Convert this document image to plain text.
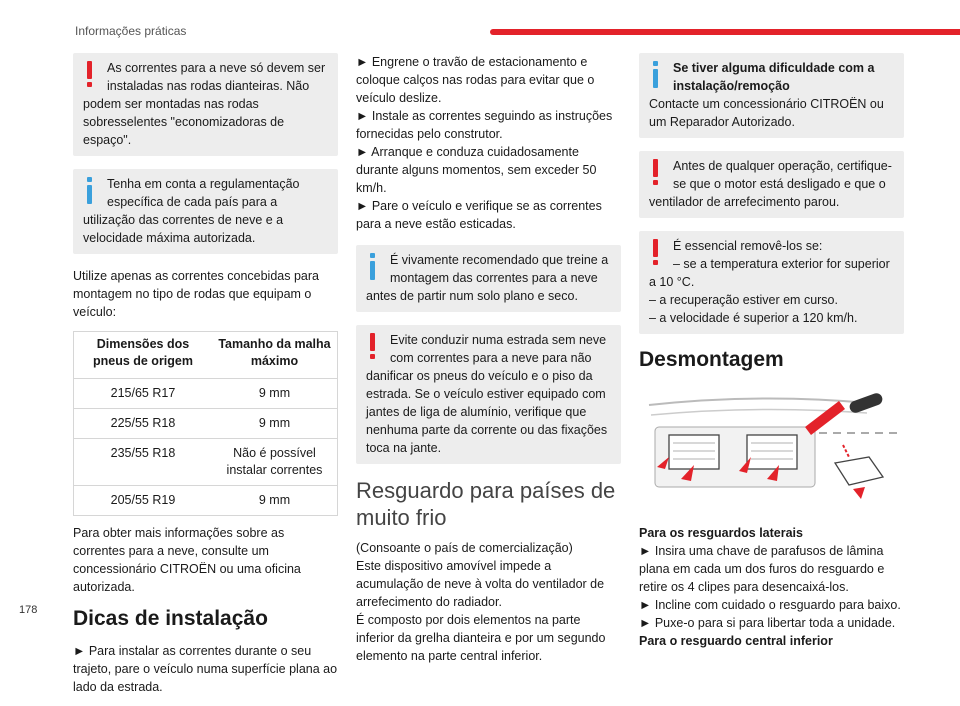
Informações práticas
178
As correntes para a neve só devem ser instaladas nas rodas dianteiras. Não podem ser montadas nas rodas sobresselentes "economizadoras de espaço".
Tenha em conta a regulamentação específica de cada país para a utilização das correntes de neve e a velocidade máxima autorizada.

Utilize apenas as correntes concebidas para montagem no tipo de rodas que equipam o veículo:

Dimensões dos pneus de origem	Tamanho da malha máximo
215/65 R17	9 mm
225/55 R18	9 mm
235/55 R18	Não é possível instalar correntes
205/55 R19	9 mm

Para obter mais informações sobre as correntes para a neve, consulte um concessionário CITROËN ou uma oficina autorizada.

Dicas de instalação

► Para instalar as correntes durante o seu trajeto, pare o veículo numa superfície plana ao lado da estrada.

► Engrene o travão de estacionamento e coloque calços nas rodas para evitar que o veículo deslize.
► Instale as correntes seguindo as instruções fornecidas pelo construtor.
► Arranque e conduza cuidadosamente durante alguns momentos, sem exceder 50 km/h.
► Pare o veículo e verifique se as correntes para a neve estão esticadas.

É vivamente recomendado que treine a montagem das correntes para a neve antes de partir num solo plano e seco.
Evite conduzir numa estrada sem neve com correntes para a neve para não danificar os pneus do veículo e o piso da estrada. Se o veículo estiver equipado com jantes de liga de alumínio, verifique que nenhuma parte da corrente ou das fixações toca na jante.
Resguardo para países de muito frio

(Consoante o país de comercialização)
Este dispositivo amovível impede a acumulação de neve à volta do ventilador de arrefecimento do radiador.

É composto por dois elementos na parte inferior da grelha dianteira e por um segundo elemento na parte central inferior.

Se tiver alguma dificuldade com a instalação/remoção
Contacte um concessionário CITROËN ou um Reparador Autorizado.
Antes de qualquer operação, certifique-se que o motor está desligado e que o ventilador de arrefecimento parou.
É essencial removê-los se:
– se a temperatura exterior for superior a 10 °C.
– a recuperação estiver em curso.
– a velocidade é superior a 120 km/h.
Desmontagem
Para os resguardos laterais
► Insira uma chave de parafusos de lâmina plana em cada um dos furos do resguardo e retire os 4 clipes para desencaixá-los.
► Incline com cuidado o resguardo para baixo.
► Puxe-o para si para libertar toda a unidade.
Para o resguardo central inferior
